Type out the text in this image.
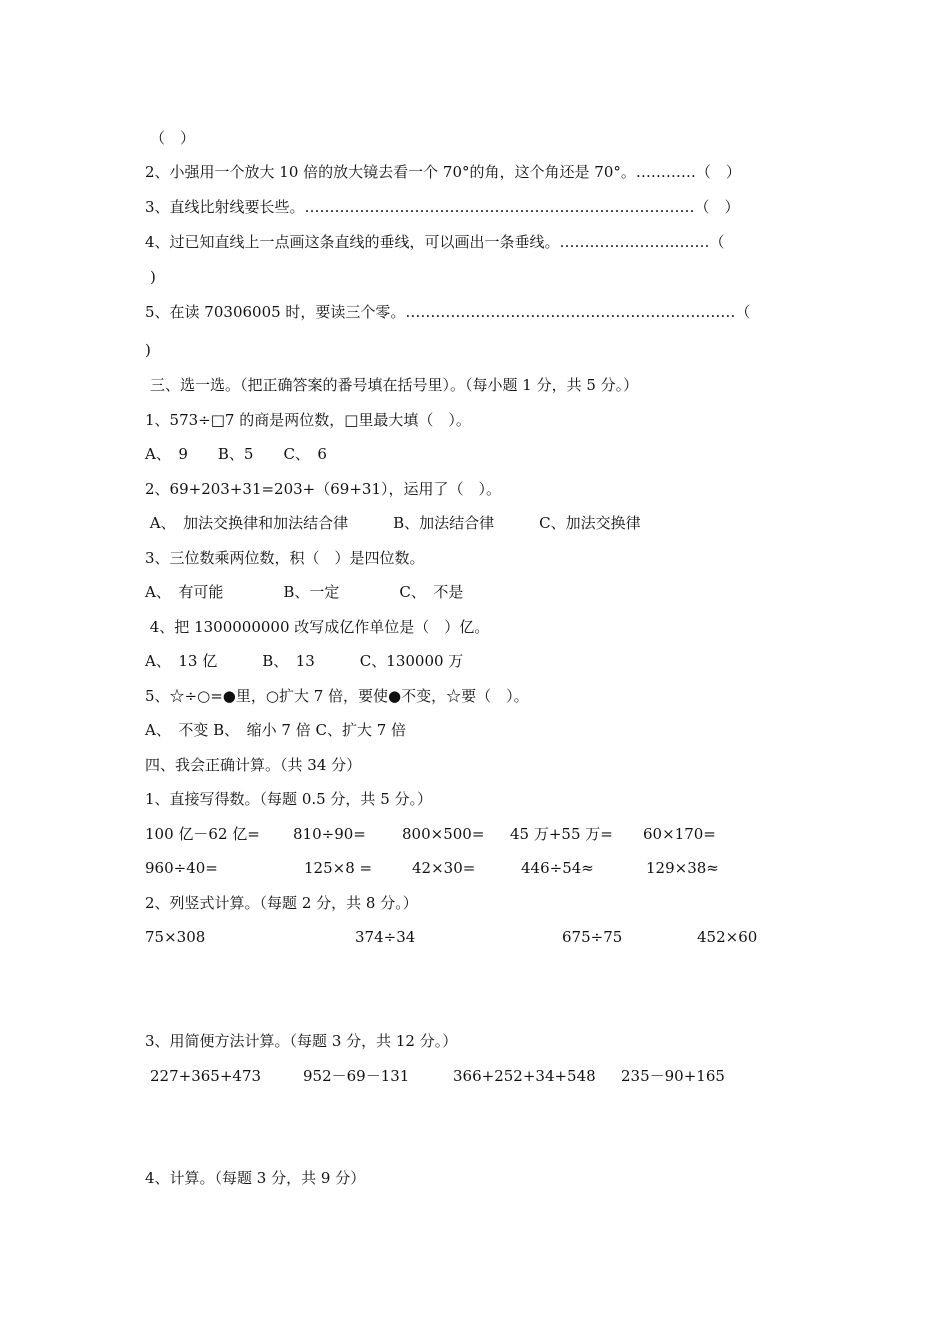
（　）
2、小强用一个放大 10 倍的放大镜去看一个 70°的角，这个角还是 70°。…………（　）
3、直线比射线要长些。……………………………………………………………………（　）
4、过已知直线上一点画这条直线的垂线，可以画出一条垂线。…………………………（
)
5、在读 70306005 时，要读三个零。…………………………………………………………（
)
三、选一选。（把正确答案的番号填在括号里）。（每小题 1 分，共 5 分。）
1、573÷□7 的商是两位数，□里最大填（　）。
A、　9　　B、5　　C、　6
2、69+203+31=203+（69+31），运用了（　）。
A、　加法交换律和加法结合律　　　B、加法结合律　　　C、加法交换律
3、三位数乘两位数，积（　）是四位数。
A、　有可能　　　　B、一定　　　　C、　不是
4、把 1300000000 改写成亿作单位是（　）亿。
A、　13 亿　　　B、　13　　　C、130000 万
5、☆÷○=●里，○扩大 7 倍，要使●不变，☆要（　）。
A、　不变 B、　缩小 7 倍 C、扩大 7 倍
四、我会正确计算。（共 34 分）
1、直接写得数。（每题 0.5 分，共 5 分。）
100 亿－62 亿= 810÷90= 800×500= 45 万+55 万= 60×170=
960÷40=	125×8 =	42×30=	446÷54≈	129×38≈
2、列竖式计算。（每题 2 分，共 8 分。）
75×308	374÷34	675÷75	452×60
3、用简便方法计算。（每题 3 分，共 12 分。）
227+365+473	952－69－131	366+252+34+548 235－90+165
4、计算。（每题 3 分，共 9 分）
